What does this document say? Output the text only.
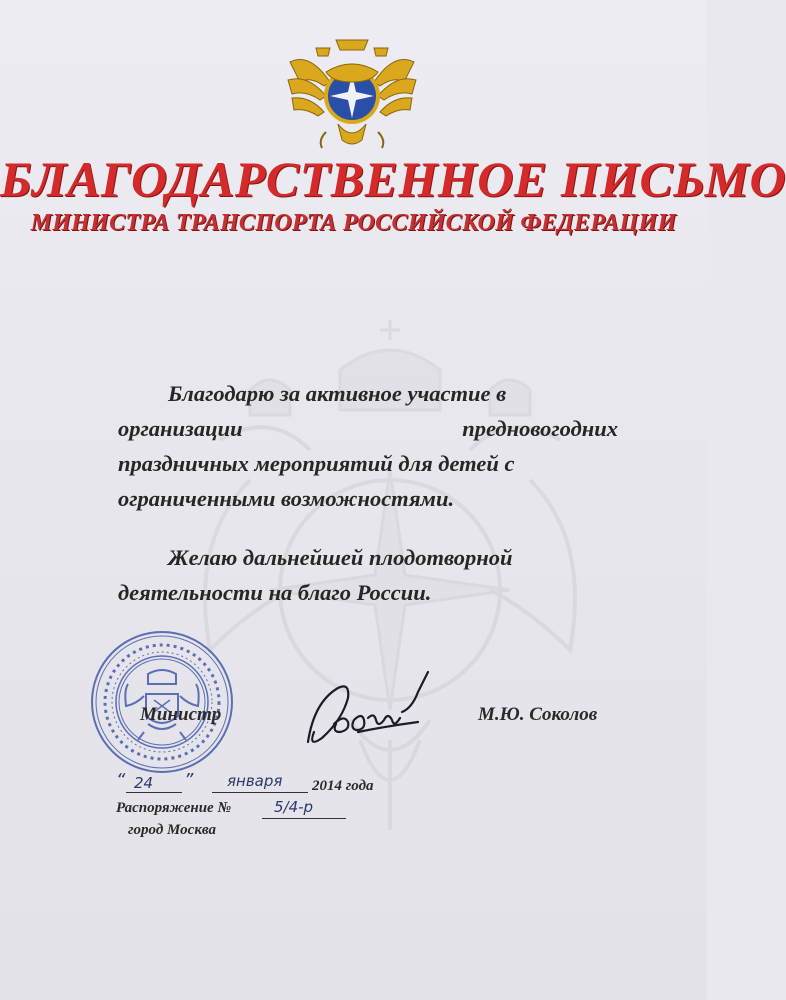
БЛАГОДАРСТВЕННОЕ ПИСЬМО
МИНИСТРА ТРАНСПОРТА РОССИЙСКОЙ ФЕДЕРАЦИИ
Благодарю за активное участие в
организации предновогодних
праздничных мероприятий для детей с
ограниченными возможностями.
Желаю дальнейшей плодотворной
деятельности на благо России.
Министр	М.Ю. Соколов
“ 24 ” января 2014 года
Распоряжение №	5/4-р
город Москва
